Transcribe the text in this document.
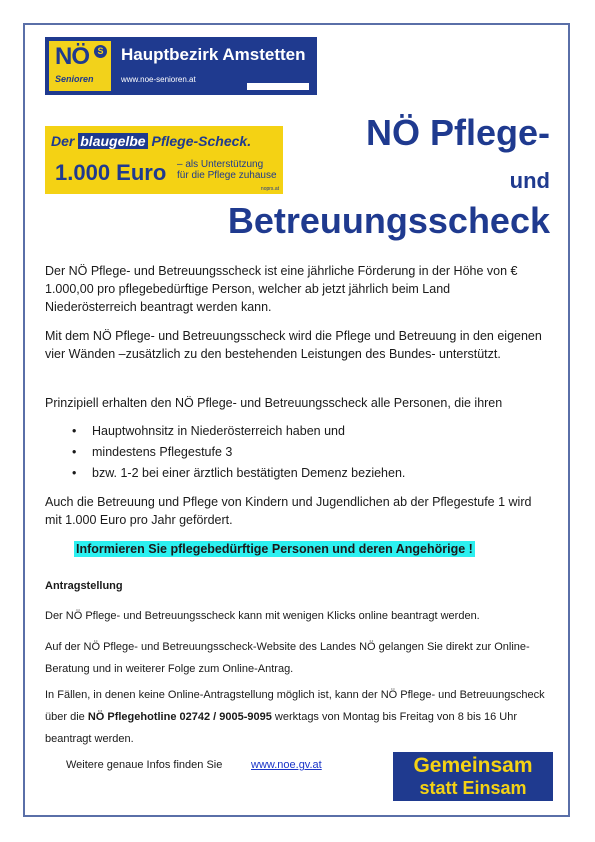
NÖ S
Senioren
Hauptbezirk Amstetten
www.noe-senioren.at
Der blaugelbe Pflege-Scheck.
1.000 Euro – als Unterstützung
für die Pflege zuhause
noprs.at
NÖ Pflege-
und
Betreuungsscheck
Der NÖ Pflege- und Betreuungsscheck ist eine jährliche Förderung in der Höhe von € 1.000,00 pro pflegebedürftige Person, welcher ab jetzt jährlich beim Land Niederösterreich beantragt werden kann.
Mit dem NÖ Pflege- und Betreuungsscheck wird die Pflege und Betreuung in den eigenen vier Wänden –zusätzlich zu den bestehenden Leistungen des Bundes- unterstützt.
Prinzipiell erhalten den NÖ Pflege- und Betreuungsscheck alle Personen, die ihren
• Hauptwohnsitz in Niederösterreich haben und
• mindestens Pflegestufe 3
• bzw. 1-2 bei einer ärztlich bestätigten Demenz beziehen.
Auch die Betreuung und Pflege von Kindern und Jugendlichen ab der Pflegestufe 1 wird mit 1.000 Euro pro Jahr gefördert.
Informieren Sie pflegebedürftige Personen und deren Angehörige !
Antragstellung
Der NÖ Pflege- und Betreuungsscheck kann mit wenigen Klicks online beantragt werden.
Auf der NÖ Pflege- und Betreuungsscheck-Website des Landes NÖ gelangen Sie direkt zur Online-Beratung und in weiterer Folge zum Online-Antrag.
In Fällen, in denen keine Online-Antragstellung möglich ist, kann der NÖ Pflege- und Betreuungscheck über die NÖ Pflegehotline 02742 / 9005-9095 werktags von Montag bis Freitag von 8 bis 16 Uhr beantragt werden.
Weitere genaue Infos finden Sie	www.noe.gv.at	Gemeinsam
statt Einsam
